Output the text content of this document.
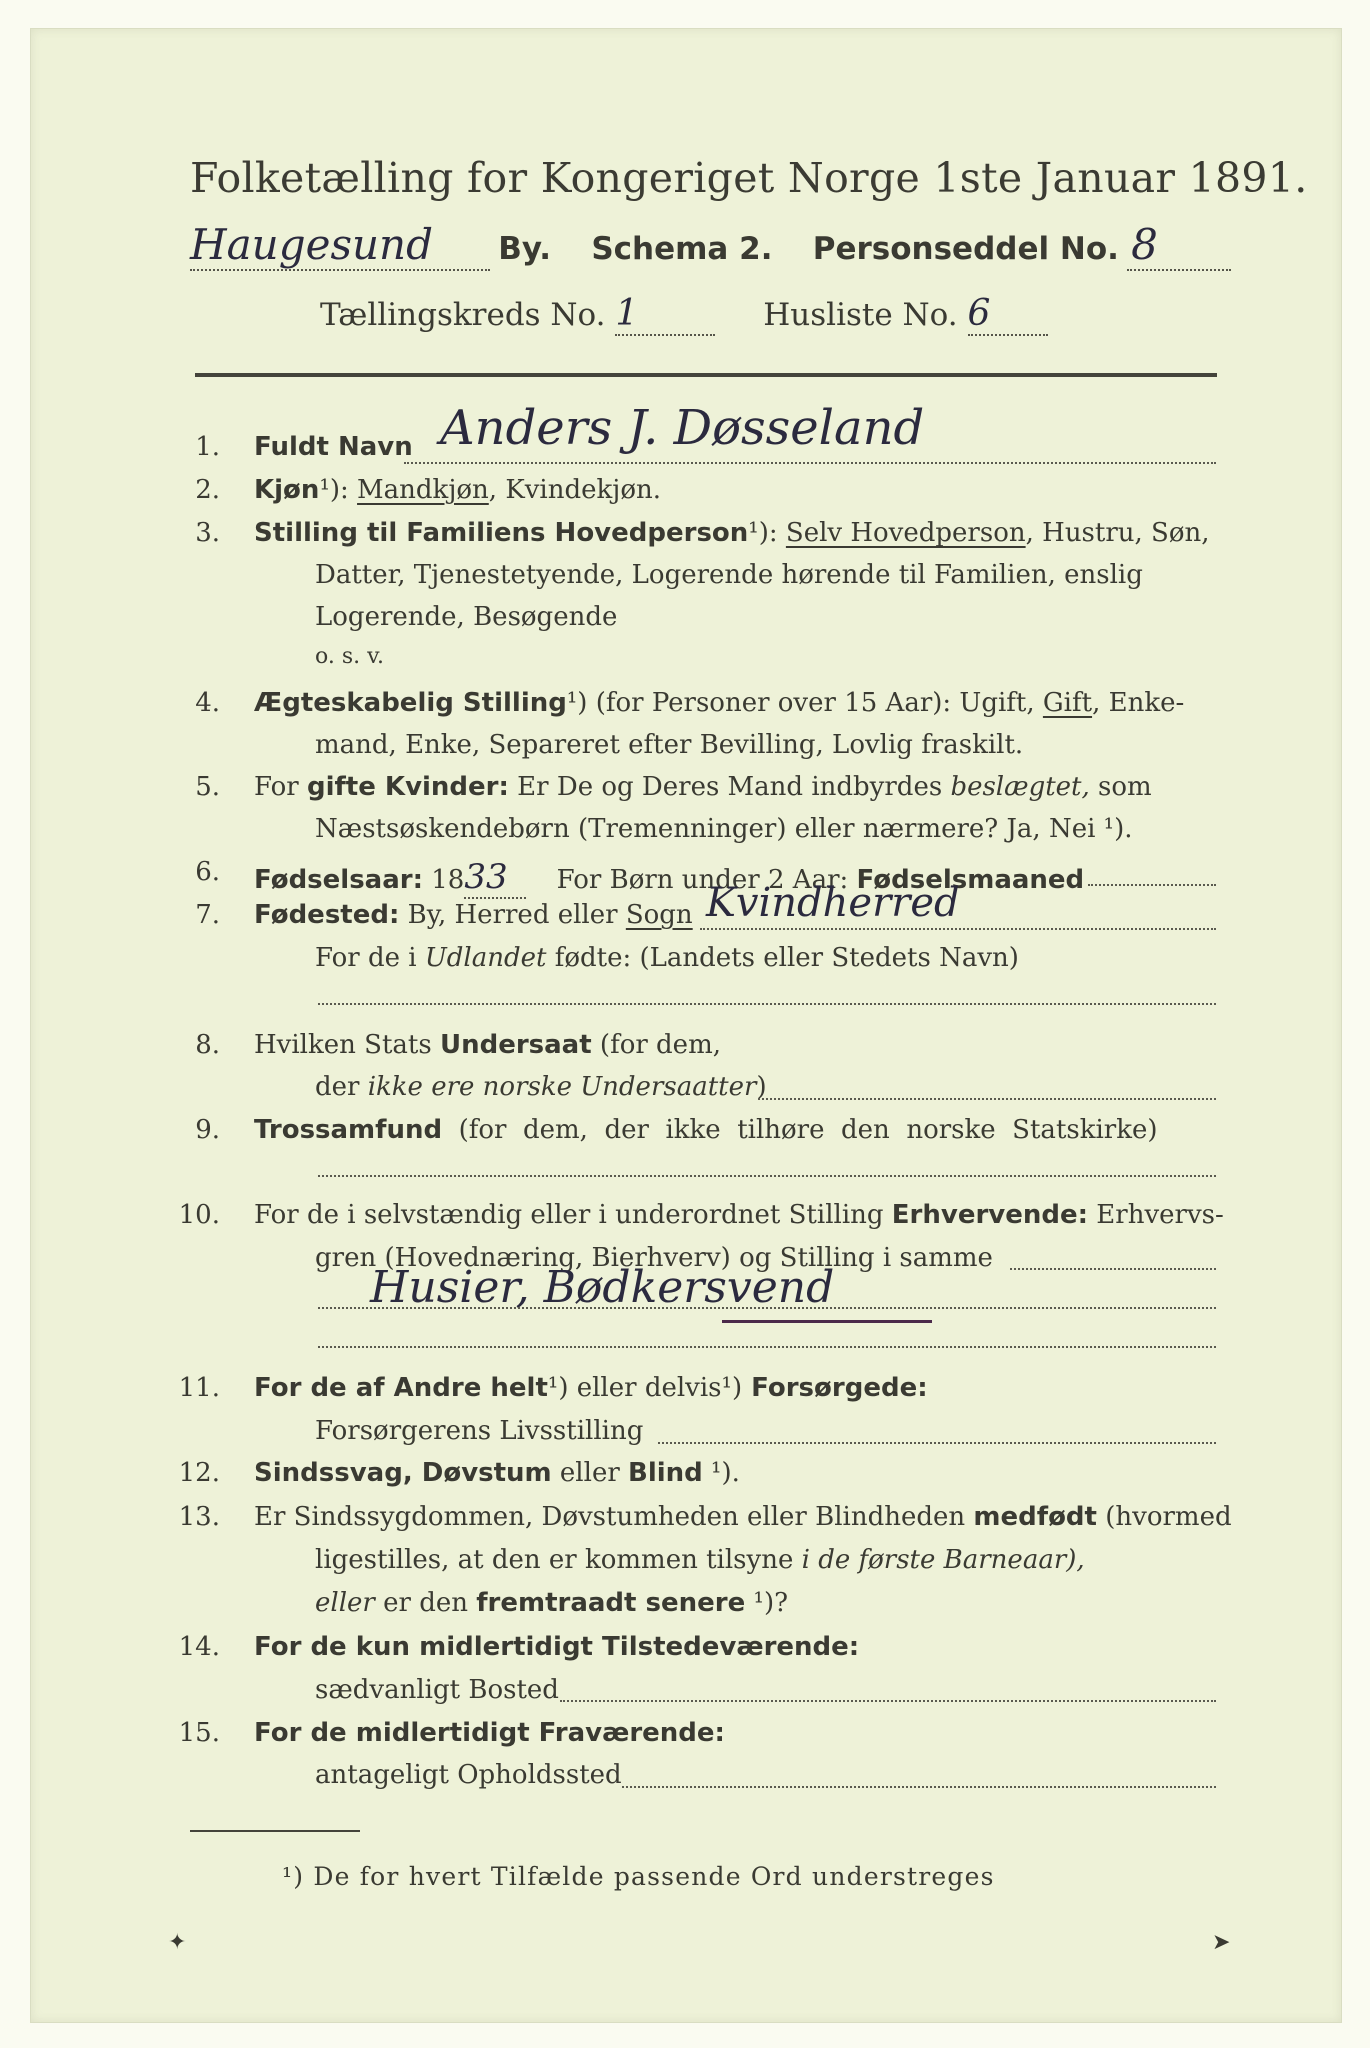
Folketælling for Kongeriget Norge 1ste Januar 1891.
Haugesund By. Schema 2. Personseddel No. 8
Tællingskreds No. 1	Husliste No. 6
1. Fuldt Navn Anders J. Døsseland
2. Kjøn¹): Mandkjøn, Kvindekjøn.
3. Stilling til Familiens Hovedperson¹): Selv Hovedperson, Hustru, Søn,
Datter, Tjenestetyende, Logerende hørende til Familien, enslig
Logerende, Besøgende
o. s. v.
4. Ægteskabelig Stilling¹) (for Personer over 15 Aar): Ugift, Gift, Enke-
mand, Enke, Separeret efter Bevilling, Lovlig fraskilt.
5. For gifte Kvinder: Er De og Deres Mand indbyrdes beslægtet, som
Næstsøskendebørn (Tremenninger) eller nærmere? Ja, Nei ¹).
6. Fødselsaar: 1833 For Børn under 2 Aar: Fødselsmaaned
7. Fødested: By, Herred eller Sogn Kvindherred
For de i Udlandet fødte: (Landets eller Stedets Navn)
8. Hvilken Stats Undersaat (for dem,
der ikke ere norske Undersaatter)
9. Trossamfund  (for  dem,  der  ikke  tilhøre  den  norske  Statskirke)
10. For de i selvstændig eller i underordnet Stilling Erhvervende: Erhvervs-
gren (Hovednæring, Bierhverv) og Stilling i samme
Husier, Bødkersvend
11. For de af Andre helt¹) eller delvis¹) Forsørgede:
Forsørgerens Livsstilling
12. Sindssvag, Døvstum eller Blind ¹).
13. Er Sindssygdommen, Døvstumheden eller Blindheden medfødt (hvormed
ligestilles, at den er kommen tilsyne i de første Barneaar),
eller er den fremtraadt senere ¹)?
14. For de kun midlertidigt Tilstedeværende:
sædvanligt Bosted
15. For de midlertidigt Fraværende:
antageligt Opholdssted
¹) De for hvert Tilfælde passende Ord understreges
✦	➤
